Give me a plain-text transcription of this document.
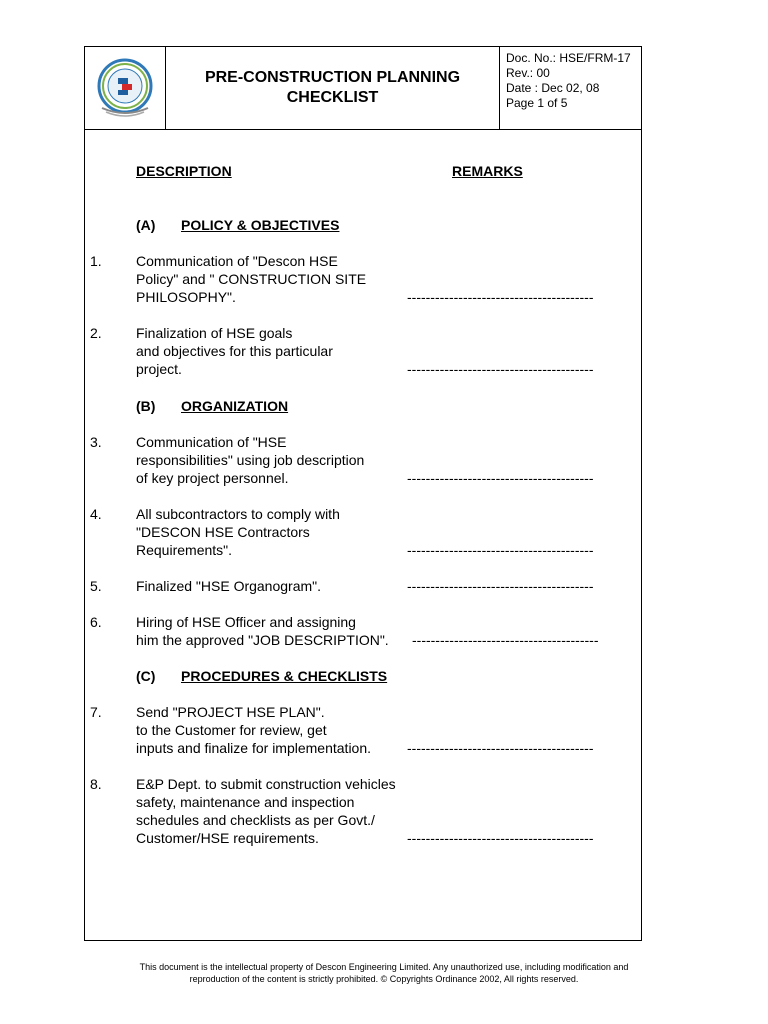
PRE-CONSTRUCTION PLANNING
CHECKLIST
Doc. No.: HSE/FRM-17
Rev.: 00
Date : Dec 02, 08
Page 1 of 5
DESCRIPTION	REMARKS
(A) POLICY & OBJECTIVES
1. Communication of "Descon HSE
Policy" and " CONSTRUCTION SITE
PHILOSOPHY".	----------------------------------------
2. Finalization of HSE goals
and objectives for this particular
project.	----------------------------------------
(B) ORGANIZATION
3. Communication of "HSE
responsibilities" using job description
of key project personnel.	----------------------------------------
4. All subcontractors to comply with
"DESCON HSE Contractors
Requirements".	----------------------------------------
5. Finalized "HSE Organogram".	----------------------------------------
6. Hiring of HSE Officer and assigning
him the approved "JOB DESCRIPTION". ----------------------------------------
(C) PROCEDURES & CHECKLISTS
7. Send "PROJECT HSE PLAN".
to the Customer for review, get
inputs and finalize for implementation.	----------------------------------------
8. E&P Dept. to submit construction vehicles
safety, maintenance and inspection
schedules and checklists as per Govt./
Customer/HSE requirements.	----------------------------------------
This document is the intellectual property of Descon Engineering Limited. Any unauthorized use, including modification and
reproduction of the content is strictly prohibited. © Copyrights Ordinance 2002, All rights reserved.
